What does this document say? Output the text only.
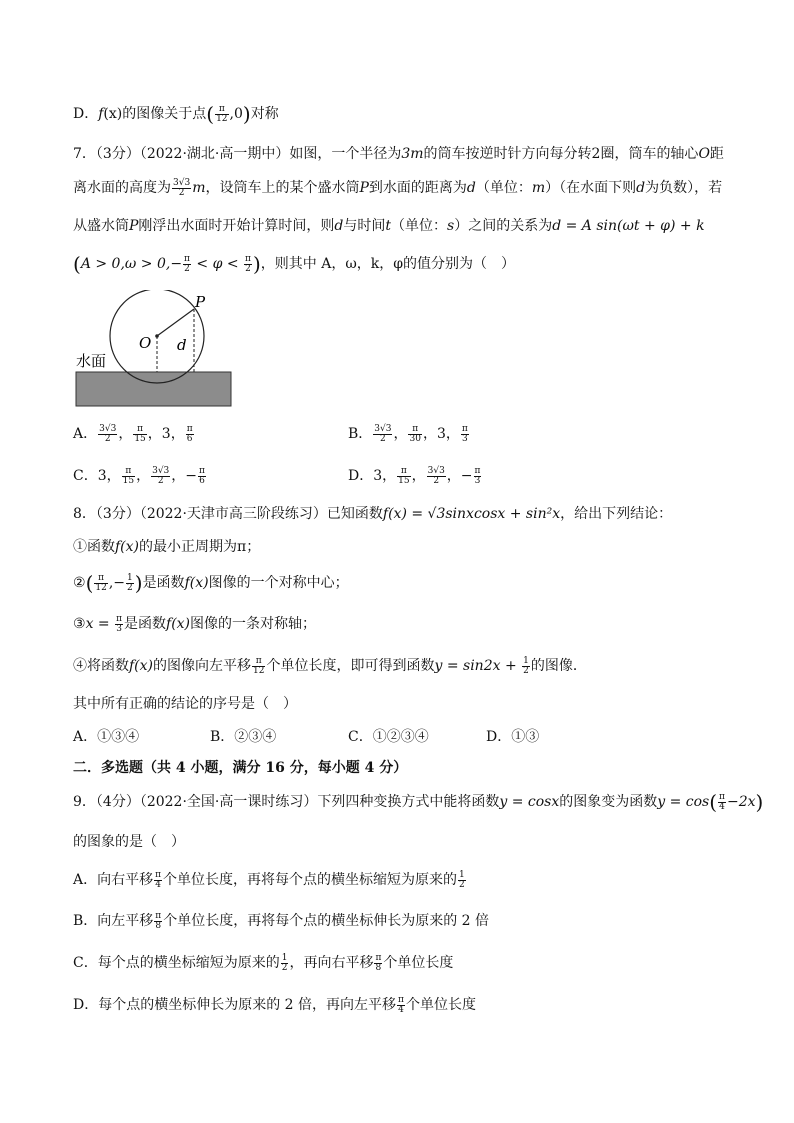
D．f(x)的图像关于点( $\frac{\pi}{12} ,0$)对称
7．（3分）（2022·湖北·高一期中）如图，一个半径为3m的筒车按逆时针方向每分转2圈，筒车的轴心O距
离水面的高度为 $\frac{3√3}{2}$ m，设筒车上的某个盛水筒P到水面的距离为d（单位：m）（在水面下则d为负数），若
从盛水筒P刚浮出水面时开始计算时间，则d与时间t（单位：s）之间的关系为d = A sin(ωt + φ) + k
($A > 0,\omega > 0,- \frac{\pi}{2} < \varphi < \frac{\pi}{2}$ )，则其中 A，ω，k，φ的值分别为（　）
P
O d
水面
A． $\frac{3√3}{2}$ ， $\frac{\pi}{15}$ ，3， $\frac{\pi}{6}$	B． $\frac{3√3}{2}$ ， $\frac{\pi}{30}$ ，3， $\frac{\pi}{3}$
C．3， $\frac{\pi}{15}$ ， $\frac{3√3}{2}$ ，− $\frac{\pi}{6}$	D．3， $\frac{\pi}{15}$ ， $\frac{3√3}{2}$ ，− $\frac{\pi}{3}$
8．（3分）（2022·天津市高三阶段练习）已知函数f(x) = √3sinxcosx + sin²x，给出下列结论：
①函数f(x)的最小正周期为π；
②( $\frac{\pi}{12}$ ,− $\frac{1}{2}$ )是函数f(x)图像的一个对称中心；
③x = $\frac{\pi}{3}$ 是函数f(x)图像的一条对称轴；
④将函数f(x)的图像向左平移 $\frac{\pi}{12}$ 个单位长度，即可得到函数$y = \sin 2x + \frac{1}{2}$ 的图像．
其中所有正确的结论的序号是（　）
A．①③④	B．②③④	C．①②③④	D．①③
二．多选题（共 4 小题，满分 16 分，每小题 4 分）
9．（4分）（2022·全国·高一课时练习）下列四种变换方式中能将函数y = cosx的图象变为函数$y = \cos( \frac{\pi}{4} -2x)$
的图象的是（　）
A．向右平移 $\frac{\pi}{4}$ 个单位长度，再将每个点的横坐标缩短为原来的 $\frac{1}{2}$
B．向左平移 $\frac{\pi}{8}$ 个单位长度，再将每个点的横坐标伸长为原来的 2 倍
C．每个点的横坐标缩短为原来的 $\frac{1}{2}$ ，再向右平移 $\frac{\pi}{8}$ 个单位长度
D．每个点的横坐标伸长为原来的 2 倍，再向左平移 $\frac{\pi}{4}$ 个单位长度
